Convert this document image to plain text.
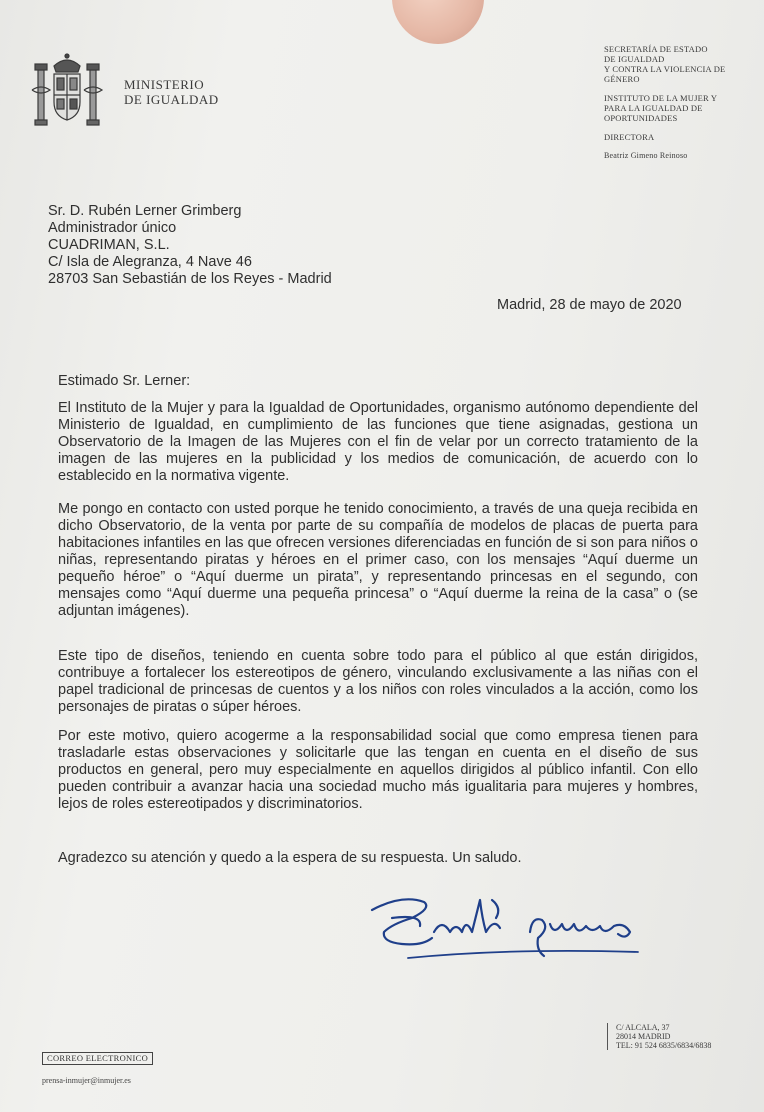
MINISTERIO
DE IGUALDAD
SECRETARÍA DE ESTADO
DE IGUALDAD
Y CONTRA LA VIOLENCIA DE
GÉNERO
INSTITUTO DE LA MUJER Y
PARA LA IGUALDAD DE
OPORTUNIDADES
DIRECTORA
Beatriz Gimeno Reinoso
Sr. D. Rubén Lerner Grimberg
Administrador único
CUADRIMAN, S.L.
C/ Isla de Alegranza, 4 Nave 46
28703 San Sebastián de los Reyes - Madrid
Madrid, 28 de mayo de 2020
Estimado Sr. Lerner:
El Instituto de la Mujer y para la Igualdad de Oportunidades, organismo autónomo dependiente del Ministerio de Igualdad, en cumplimiento de las funciones que tiene asignadas, gestiona un Observatorio de la Imagen de las Mujeres con el fin de velar por un correcto tratamiento de la imagen de las mujeres en la publicidad y los medios de comunicación, de acuerdo con lo establecido en la normativa vigente.
Me pongo en contacto con usted porque he tenido conocimiento, a través de una queja recibida en dicho Observatorio, de la venta por parte de su compañía de modelos de placas de puerta para habitaciones infantiles en las que ofrecen versiones diferenciadas en función de si son para niños o niñas, representando piratas y héroes en el primer caso, con los mensajes “Aquí duerme un pequeño héroe” o “Aquí duerme un pirata”, y representando princesas en el segundo, con mensajes como “Aquí duerme una pequeña princesa” o “Aquí duerme la reina de la casa” o (se adjuntan imágenes).
Este tipo de diseños, teniendo en cuenta sobre todo para el público al que están dirigidos, contribuye a fortalecer los estereotipos de género, vinculando exclusivamente a las niñas con el papel tradicional de princesas de cuentos y a los niños con roles vinculados a la acción, como los personajes de piratas o súper héroes.
Por este motivo, quiero acogerme a la responsabilidad social que como empresa tienen para trasladarle estas observaciones y solicitarle que las tengan en cuenta en el diseño de sus productos en general, pero muy especialmente en aquellos dirigidos al público infantil. Con ello pueden contribuir a avanzar hacia una sociedad mucho más igualitaria para mujeres y hombres, lejos de roles estereotipados y discriminatorios.
Agradezco su atención y quedo a la espera de su respuesta. Un saludo.
CORREO ELECTRONICO
prensa-inmujer@inmujer.es
C/ ALCALA, 37
28014 MADRID
TEL: 91 524 6835/6834/6838
